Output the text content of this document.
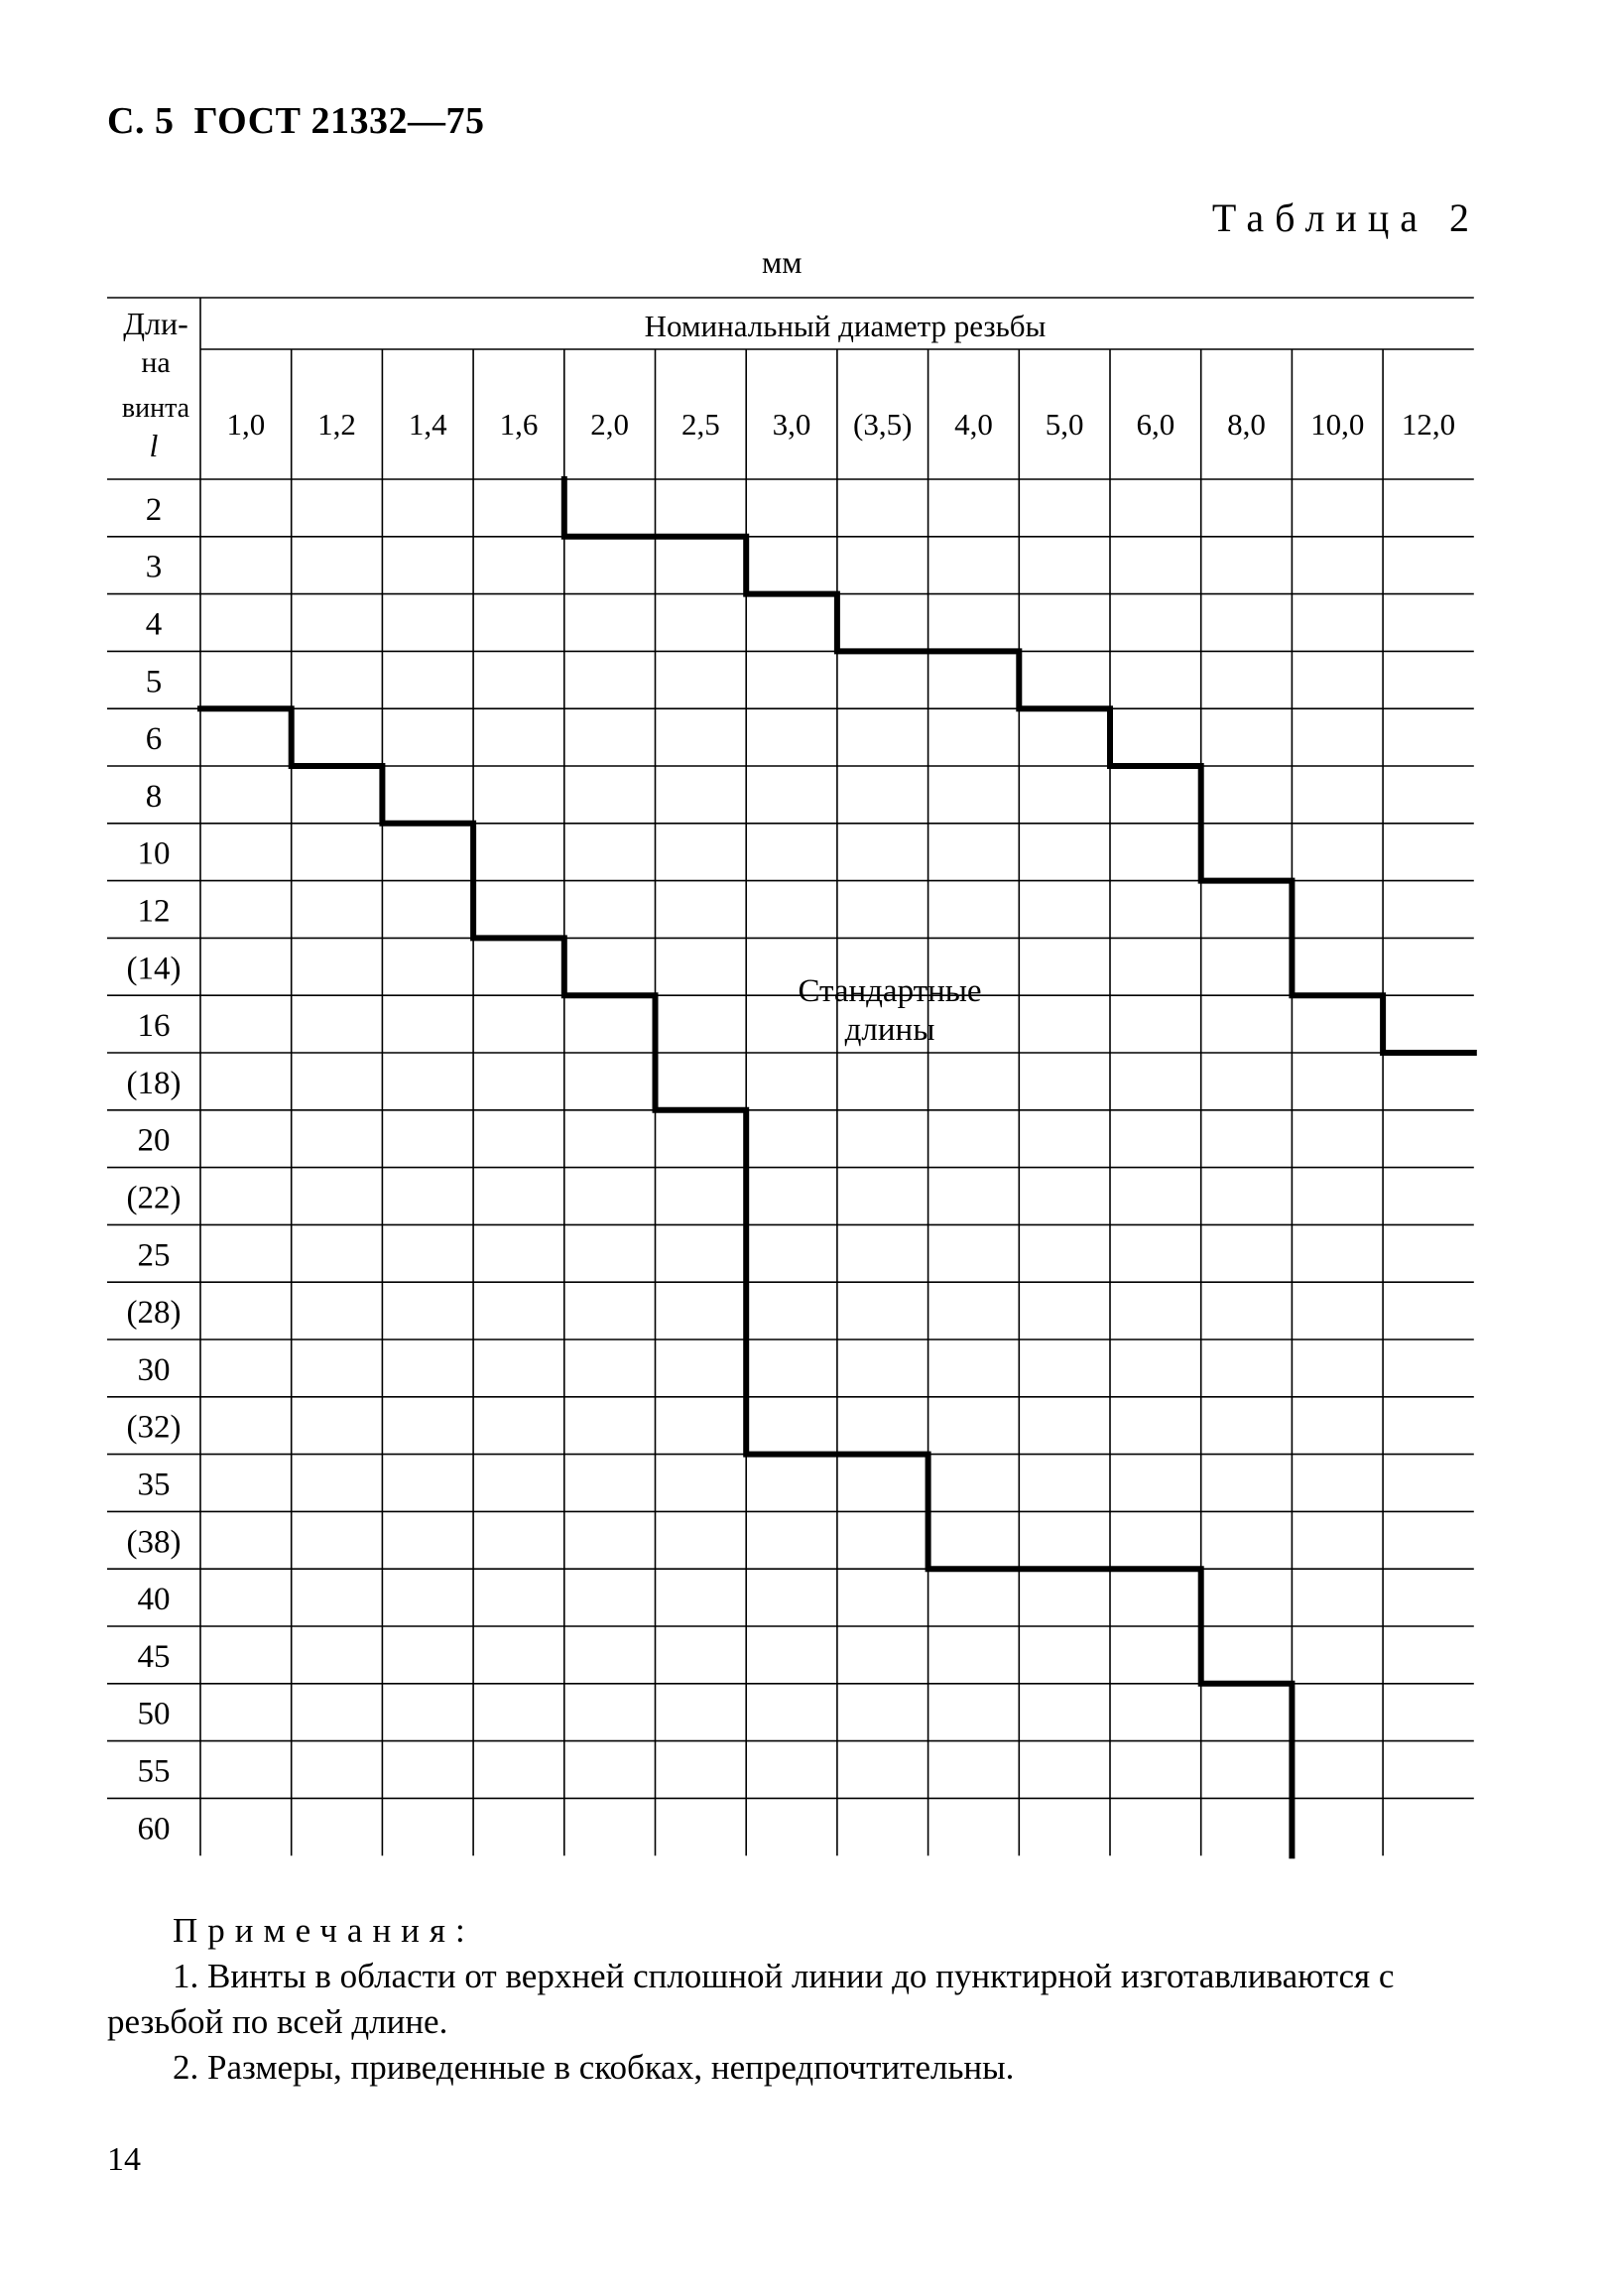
С. 5 ГОСТ 21332—75
Таблица 2
мм
Дли-
на
винта
l
Номинальный диаметр резьбы
1,0 1,2 1,4 1,6 2,0 2,5 3,0 (3,5) 4,0 5,0 6,0 8,0 10,0 12,0
2
3
4
5
6
8
10
12
(14)
16
(18)
20
(22)
25
(28)
30
(32)
35
(38)
40
45
50
55
60
Стандартные
длины
Примечания:
1. Винты в области от верхней сплошной линии до пунктирной изготавливаются с резьбой по всей длине.
2. Размеры, приведенные в скобках, непредпочтительны.
14
